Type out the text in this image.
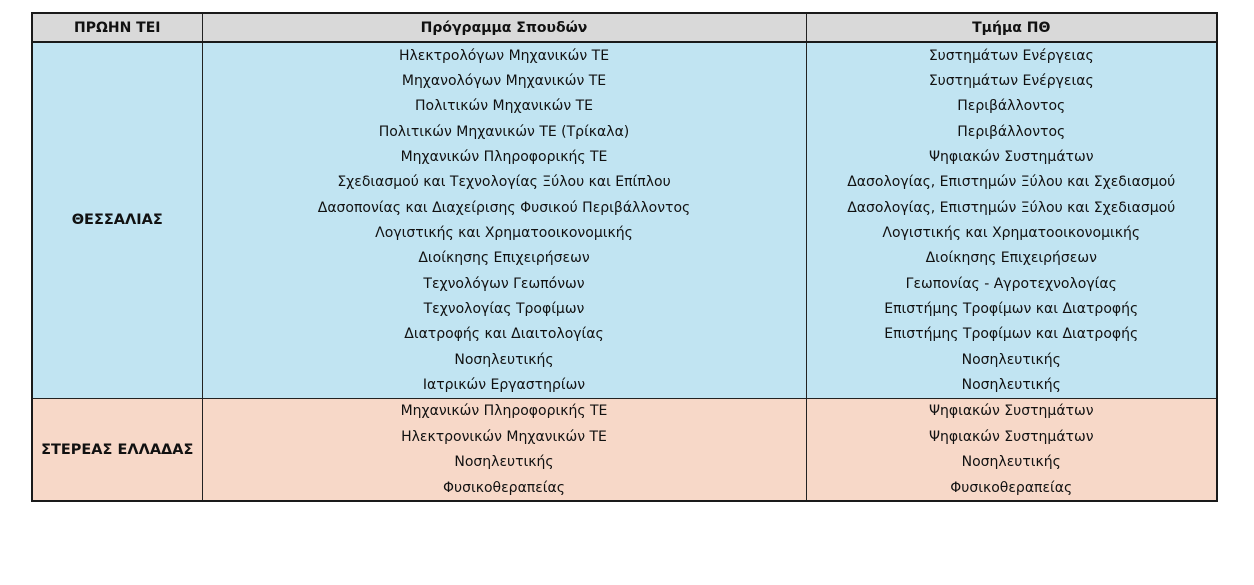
ΠΡΩΗΝ ΤΕΙ	Πρόγραμμα Σπουδών	Τμήμα ΠΘ
ΘΕΣΣΑΛΙΑΣ	Ηλεκτρολόγων Μηχανικών ΤΕ	Συστημάτων Ενέργειας
	Μηχανολόγων Μηχανικών ΤΕ	Συστημάτων Ενέργειας
	Πολιτικών Μηχανικών ΤΕ	Περιβάλλοντος
	Πολιτικών Μηχανικών ΤΕ (Τρίκαλα)	Περιβάλλοντος
	Μηχανικών Πληροφορικής ΤΕ	Ψηφιακών Συστημάτων
	Σχεδιασμού και Τεχνολογίας Ξύλου και Επίπλου	Δασολογίας, Επιστημών Ξύλου και Σχεδιασμού
	Δασοπονίας και Διαχείρισης Φυσικού Περιβάλλοντος	Δασολογίας, Επιστημών Ξύλου και Σχεδιασμού
	Λογιστικής και Χρηματοοικονομικής	Λογιστικής και Χρηματοοικονομικής
	Διοίκησης Επιχειρήσεων	Διοίκησης Επιχειρήσεων
	Τεχνολόγων Γεωπόνων	Γεωπονίας - Αγροτεχνολογίας
	Τεχνολογίας Τροφίμων	Επιστήμης Τροφίμων και Διατροφής
	Διατροφής και Διαιτολογίας	Επιστήμης Τροφίμων και Διατροφής
	Νοσηλευτικής	Νοσηλευτικής
	Ιατρικών Εργαστηρίων	Νοσηλευτικής
ΣΤΕΡΕΑΣ ΕΛΛΑΔΑΣ	Μηχανικών Πληροφορικής ΤΕ	Ψηφιακών Συστημάτων
	Ηλεκτρονικών Μηχανικών ΤΕ	Ψηφιακών Συστημάτων
	Νοσηλευτικής	Νοσηλευτικής
	Φυσικοθεραπείας	Φυσικοθεραπείας
